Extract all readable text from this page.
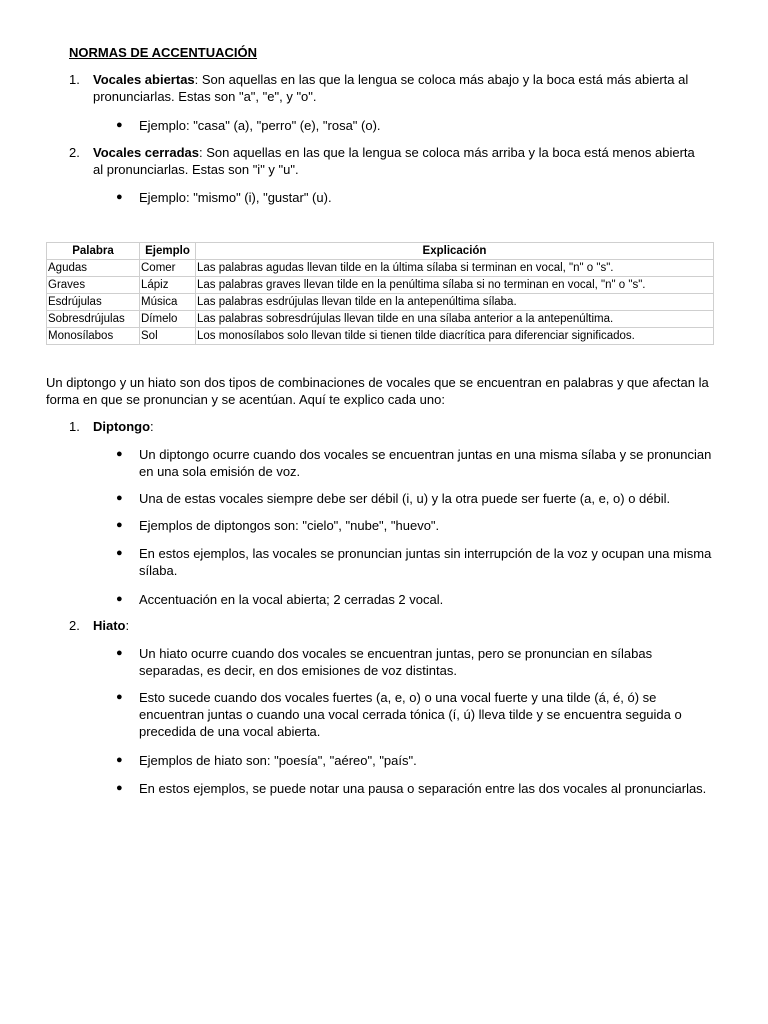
NORMAS DE ACCENTUACIÓN
1.	Vocales abiertas: Son aquellas en las que la lengua se coloca más abajo y la boca está más abierta al pronunciarlas. Estas son "a", "e", y "o".
● Ejemplo: "casa" (a), "perro" (e), "rosa" (o).
2.	Vocales cerradas: Son aquellas en las que la lengua se coloca más arriba y la boca está menos abierta al pronunciarlas. Estas son "i" y "u".
● Ejemplo: "mismo" (i), "gustar" (u).
Palabra	Ejemplo	Explicación
Agudas	Comer	Las palabras agudas llevan tilde en la última sílaba si terminan en vocal, "n" o "s".
Graves	Lápiz	Las palabras graves llevan tilde en la penúltima sílaba si no terminan en vocal, "n" o "s".
Esdrújulas	Música	Las palabras esdrújulas llevan tilde en la antepenúltima sílaba.
Sobresdrújulas	Dímelo	Las palabras sobresdrújulas llevan tilde en una sílaba anterior a la antepenúltima.
Monosílabos	Sol	Los monosílabos solo llevan tilde si tienen tilde diacrítica para diferenciar significados.
Un diptongo y un hiato son dos tipos de combinaciones de vocales que se encuentran en palabras y que afectan la forma en que se pronuncian y se acentúan. Aquí te explico cada uno:
1.	Diptongo:
● Un diptongo ocurre cuando dos vocales se encuentran juntas en una misma sílaba y se pronuncian en una sola emisión de voz.
● Una de estas vocales siempre debe ser débil (i, u) y la otra puede ser fuerte (a, e, o) o débil.
● Ejemplos de diptongos son: "cielo", "nube", "huevo".
● En estos ejemplos, las vocales se pronuncian juntas sin interrupción de la voz y ocupan una misma sílaba.
● Accentuación en la vocal abierta; 2 cerradas 2 vocal.
2.	Hiato:
● Un hiato ocurre cuando dos vocales se encuentran juntas, pero se pronuncian en sílabas separadas, es decir, en dos emisiones de voz distintas.
● Esto sucede cuando dos vocales fuertes (a, e, o) o una vocal fuerte y una tilde (á, é, ó) se encuentran juntas o cuando una vocal cerrada tónica (í, ú) lleva tilde y se encuentra seguida o precedida de una vocal abierta.
● Ejemplos de hiato son: "poesía", "aéreo", "país".
● En estos ejemplos, se puede notar una pausa o separación entre las dos vocales al pronunciarlas.
